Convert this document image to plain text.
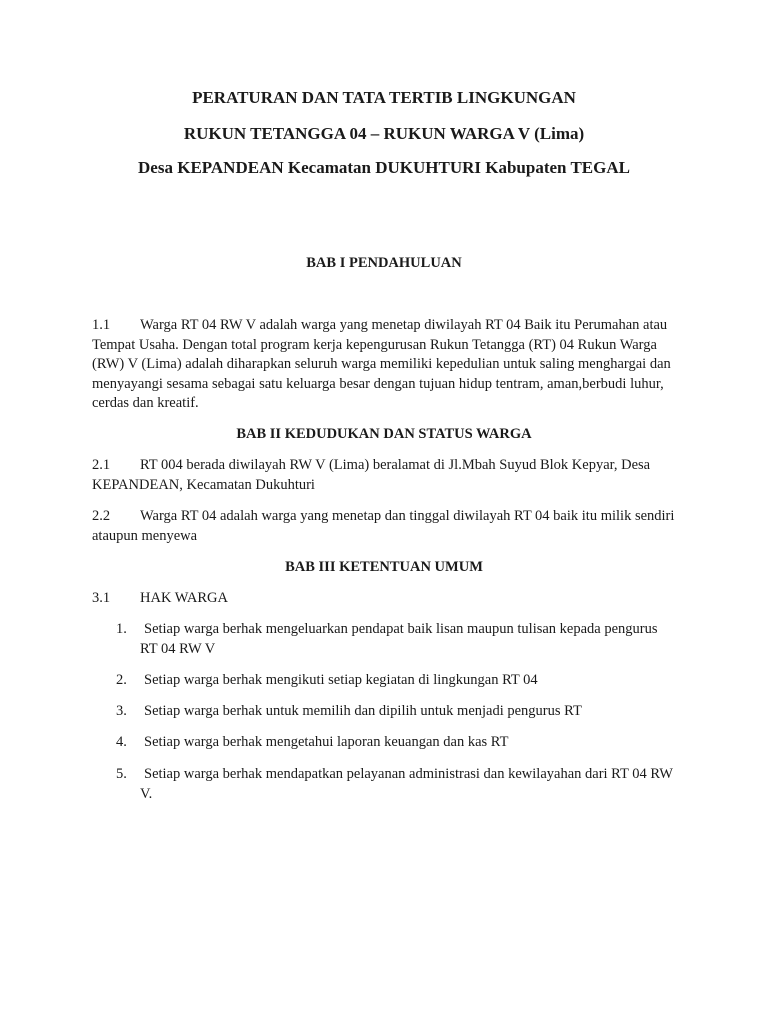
PERATURAN DAN TATA TERTIB LINGKUNGAN
RUKUN TETANGGA 04 – RUKUN WARGA V (Lima)
Desa KEPANDEAN Kecamatan DUKUHTURI Kabupaten TEGAL
BAB I PENDAHULUAN

1.1 Warga RT 04 RW V adalah warga yang menetap diwilayah RT 04 Baik itu Perumahan atau Tempat Usaha. Dengan total program kerja kepengurusan Rukun Tetangga (RT) 04 Rukun Warga (RW) V (Lima) adalah diharapkan seluruh warga memiliki kepedulian untuk saling menghargai dan menyayangi sesama sebagai satu keluarga besar dengan tujuan hidup tentram, aman,berbudi luhur, cerdas dan kreatif.

BAB II KEDUDUKAN DAN STATUS WARGA

2.1 RT 004 berada diwilayah RW V (Lima) beralamat di Jl.Mbah Suyud Blok Kepyar, Desa KEPANDEAN, Kecamatan Dukuhturi

2.2 Warga RT 04 adalah warga yang menetap dan tinggal diwilayah RT 04 baik itu milik sendiri ataupun menyewa

BAB III KETENTUAN UMUM

3.1 HAK WARGA

1.	Setiap warga berhak mengeluarkan pendapat baik lisan maupun tulisan kepada pengurus RT 04 RW V
2.	Setiap warga berhak mengikuti setiap kegiatan di lingkungan RT 04
3.	Setiap warga berhak untuk memilih dan dipilih untuk menjadi pengurus RT
4.	Setiap warga berhak mengetahui laporan keuangan dan kas RT
5.	Setiap warga berhak mendapatkan pelayanan administrasi dan kewilayahan dari RT 04 RW V.
